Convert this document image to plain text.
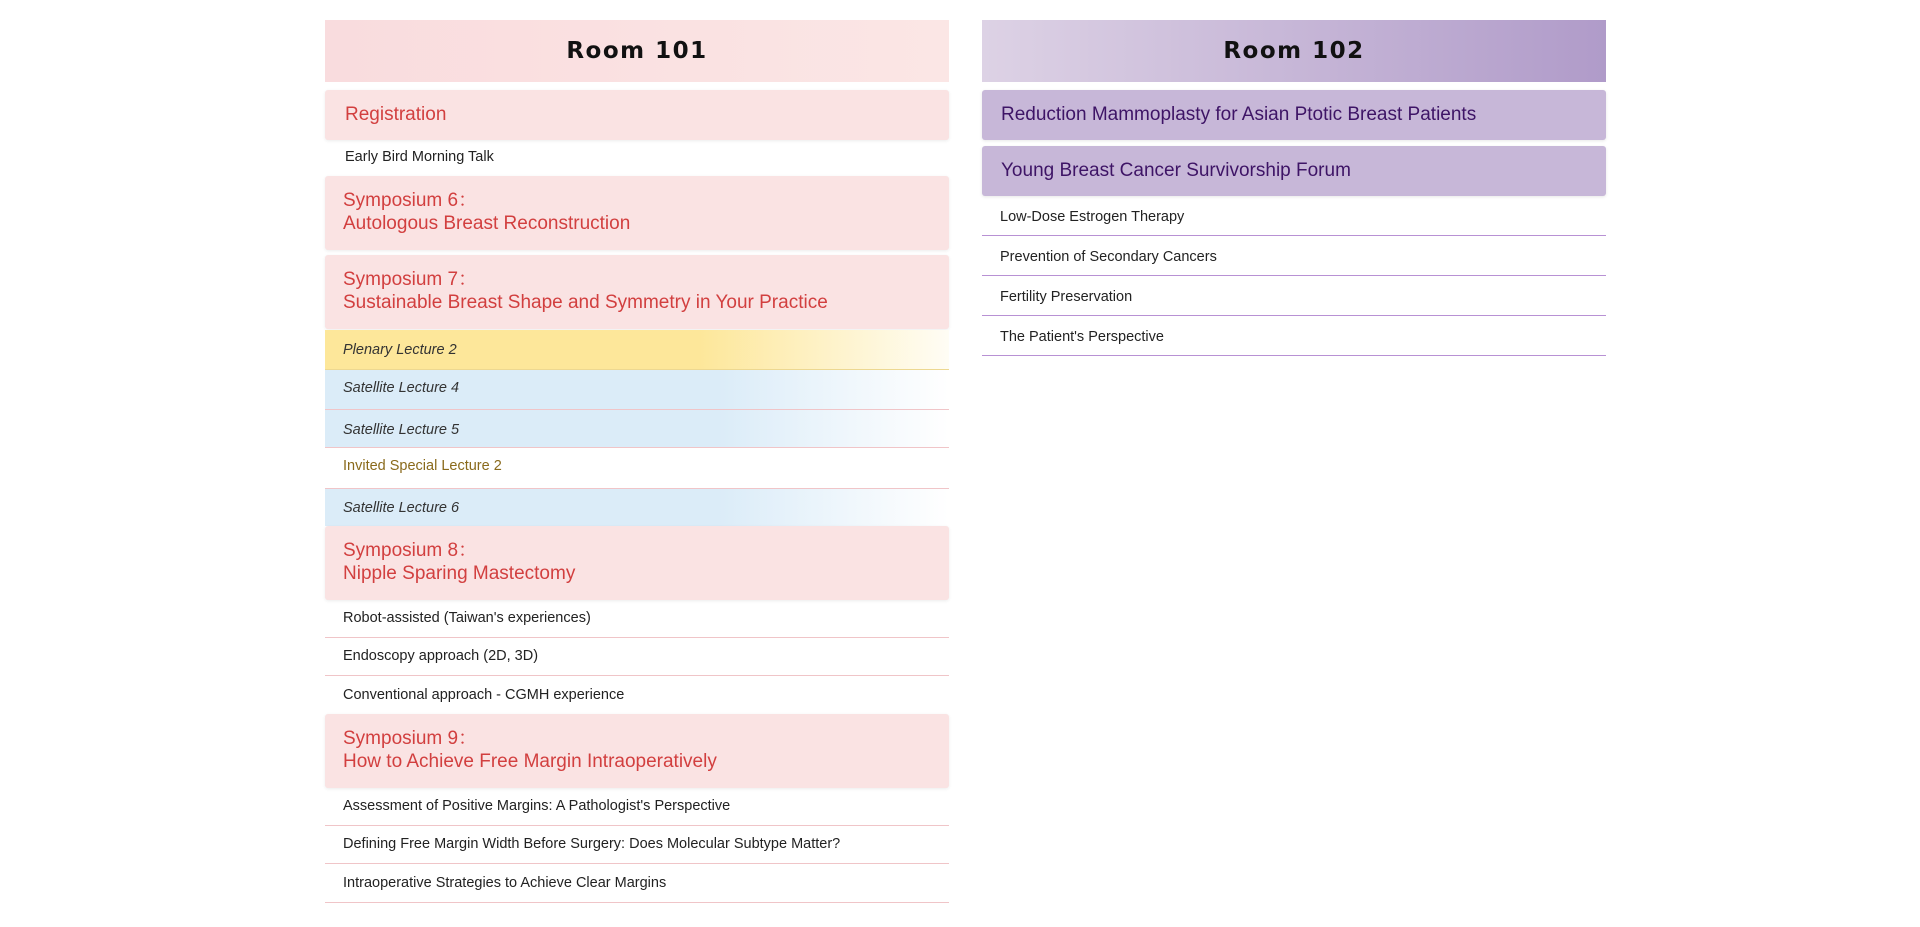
Room 101
Registration
Early Bird Morning Talk
Symposium 6：
Autologous Breast Reconstruction
Symposium 7：
Sustainable Breast Shape and Symmetry in Your Practice
Plenary Lecture 2
Satellite Lecture 4
Satellite Lecture 5
Invited Special Lecture 2
Satellite Lecture 6
Symposium 8：
Nipple Sparing Mastectomy
Robot-assisted (Taiwan's experiences)
Endoscopy approach (2D, 3D)
Conventional approach - CGMH experience
Symposium 9：
How to Achieve Free Margin Intraoperatively
Assessment of Positive Margins: A Pathologist's Perspective
Defining Free Margin Width Before Surgery: Does Molecular Subtype Matter?
Intraoperative Strategies to Achieve Clear Margins
Room 102
Reduction Mammoplasty for Asian Ptotic Breast Patients
Young Breast Cancer Survivorship Forum
Low-Dose Estrogen Therapy
Prevention of Secondary Cancers
Fertility Preservation
The Patient's Perspective
